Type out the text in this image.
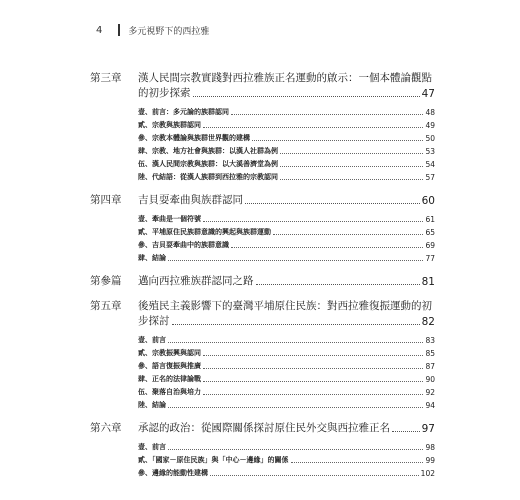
4	多元視野下的西拉雅
第三章	漢人民間宗教實踐對西拉雅族正名運動的啟示：一個本體論觀點
的初步探索	47
壹、前言：多元論的族群認同	48
貳、宗教與族群認同	49
參、宗教本體論與族群世界觀的建構	50
肆、宗教、地方社會與族群：以漢人社群為例	53
伍、漢人民間宗教與族群：以大溪善濟堂為例	54
陸、代結語：從漢人族群到西拉雅的宗教認同	57
第四章	吉貝耍牽曲與族群認同	60
壹、牽曲是一個符號	61
貳、平埔原住民族群意識的興起與族群運動	65
參、吉貝耍牽曲中的族群意識	69
肆、結論	77
第參篇	邁向西拉雅族群認同之路	81
第五章	後殖民主義影響下的臺灣平埔原住民族：對西拉雅復振運動的初
步探討	82
壹、前言	83
貳、宗教振興與認同	85
參、語言復振與推廣	87
肆、正名的法律論戰	90
伍、聚落自治與培力	92
陸、結論	94
第六章	承認的政治：從國際關係探討原住民外交與西拉雅正名	97
壹、前言	98
貳、「國家－原住民族」與「中心－邊緣」的關係	99
參、邊緣的能動性建構	102
